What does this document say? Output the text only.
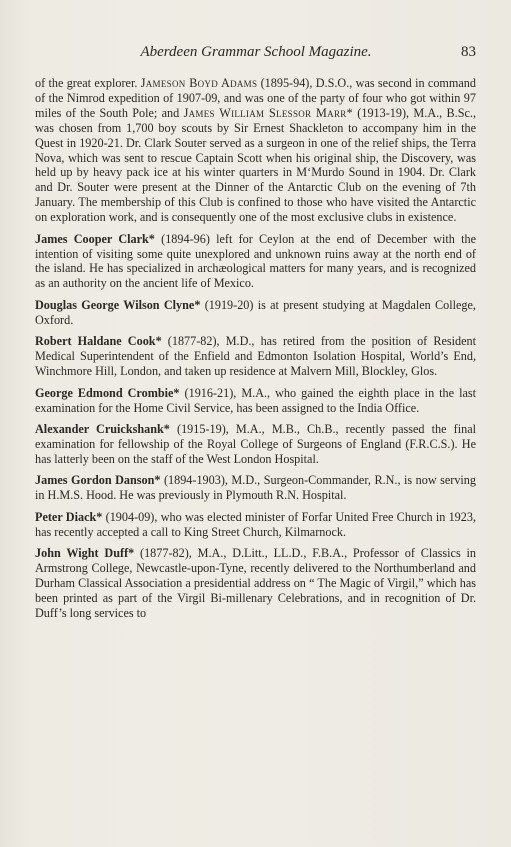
Aberdeen Grammar School Magazine.	83

of the great explorer. Jameson Boyd Adams (1895-94), D.S.O., was second in command of the Nimrod expedition of 1907-09, and was one of the party of four who got within 97 miles of the South Pole; and James William Slessor Marr* (1913-19), M.A., B.Sc., was chosen from 1,700 boy scouts by Sir Ernest Shackleton to accompany him in the Quest in 1920-21. Dr. Clark Souter served as a surgeon in one of the relief ships, the Terra Nova, which was sent to rescue Captain Scott when his original ship, the Discovery, was held up by heavy pack ice at his winter quarters in M‘Murdo Sound in 1904. Dr. Clark and Dr. Souter were present at the Dinner of the Antarctic Club on the evening of 7th January. The membership of this Club is confined to those who have visited the Antarctic on exploration work, and is consequently one of the most exclusive clubs in existence.

James Cooper Clark* (1894-96) left for Ceylon at the end of December with the intention of visiting some quite unexplored and unknown ruins away at the north end of the island. He has specialized in archæological matters for many years, and is recognized as an authority on the ancient life of Mexico.

Douglas George Wilson Clyne* (1919-20) is at present studying at Magdalen College, Oxford.

Robert Haldane Cook* (1877-82), M.D., has retired from the position of Resident Medical Superintendent of the Enfield and Edmonton Isolation Hospital, World’s End, Winchmore Hill, London, and taken up residence at Malvern Mill, Blockley, Glos.

George Edmond Crombie* (1916-21), M.A., who gained the eighth place in the last examination for the Home Civil Service, has been assigned to the India Office.

Alexander Cruickshank* (1915-19), M.A., M.B., Ch.B., recently passed the final examination for fellowship of the Royal College of Surgeons of England (F.R.C.S.). He has latterly been on the staff of the West London Hospital.

James Gordon Danson* (1894-1903), M.D., Surgeon-Commander, R.N., is now serving in H.M.S. Hood. He was previously in Plymouth R.N. Hospital.

Peter Diack* (1904-09), who was elected minister of Forfar United Free Church in 1923, has recently accepted a call to King Street Church, Kilmarnock.

John Wight Duff* (1877-82), M.A., D.Litt., LL.D., F.B.A., Professor of Classics in Armstrong College, Newcastle-upon-Tyne, recently delivered to the Northumberland and Durham Classical Association a presidential address on “ The Magic of Virgil,” which has been printed as part of the Virgil Bi-millenary Celebrations, and in recognition of Dr. Duff’s long services to
